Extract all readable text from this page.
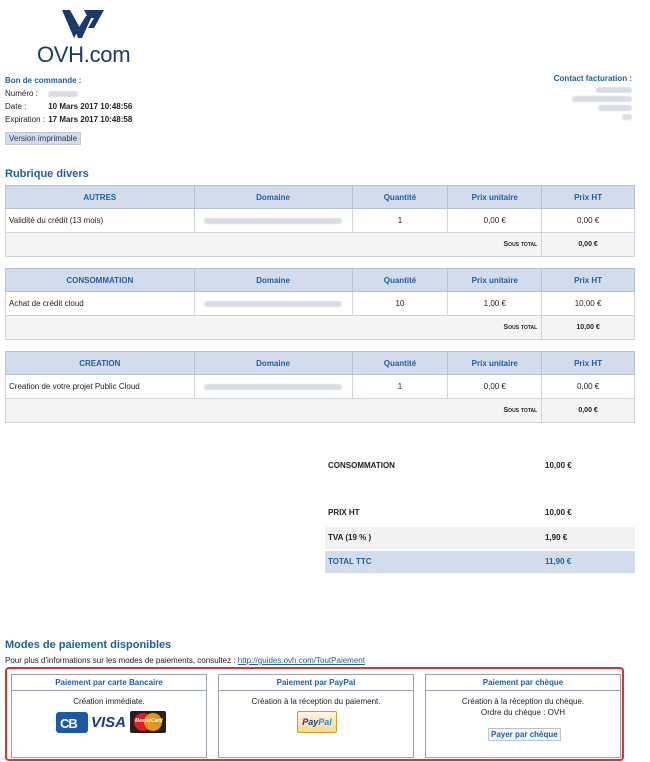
OVH.com
Bon de commande :
Numéro :
Date :	10 Mars 2017 10:48:56
Expiration : 17 Mars 2017 10:48:58
Version imprimable
Contact facturation :
Rubrique divers
AUTRES	Domaine	Quantité	Prix unitaire	Prix HT
Validité du crédit (13 mois)		1	0,00 €	0,00 €
Sous total				0,00 €
CONSOMMATION	Domaine	Quantité	Prix unitaire	Prix HT
Achat de crédit cloud		10	1,00 €	10,00 €
Sous total				10,00 €
CREATION	Domaine	Quantité	Prix unitaire	Prix HT
Creation de votre projet Public Cloud		1	0,00 €	0,00 €
Sous total				0,00 €
CONSOMMATION	10,00 €
PRIX HT	10,00 €
TVA (19 % )	1,90 €
TOTAL TTC	11,90 €
Modes de paiement disponibles
Pour plus d'informations sur les modes de paiements, consultez : http://guides.ovh.com/ToutPaiement
Paiement par carte Bancaire
Création immédiate.
CB VISA MasterCard
Paiement par PayPal
Création à la réception du paiement.
PayPal
Paiement par chèque
Création à la réception du chèque.
Ordre du chèque : OVH
Payer par chèque
